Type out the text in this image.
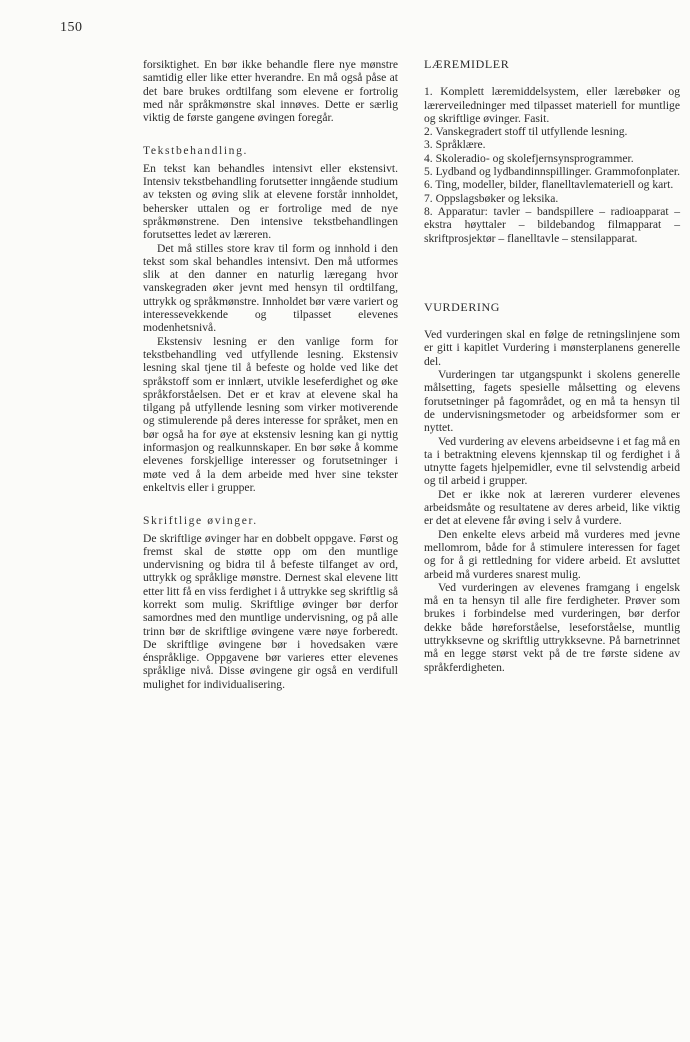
150

forsiktighet. En bør ikke behandle flere nye mønstre samtidig eller like etter hverandre. En må også påse at det bare brukes ordtilfang som elevene er fortrolig med når språkmønstre skal innøves. Dette er særlig viktig de første gangene øvingen foregår.

Tekstbehandling.

En tekst kan behandles intensivt eller ekstensivt. Intensiv tekstbehandling forutsetter inngående studium av teksten og øving slik at elevene forstår innholdet, behersker uttalen og er fortrolige med de nye språkmønstrene. Den intensive tekstbehandlingen forutsettes ledet av læreren.

Det må stilles store krav til form og innhold i den tekst som skal behandles intensivt. Den må utformes slik at den danner en naturlig læregang hvor vanskegraden øker jevnt med hensyn til ordtilfang, uttrykk og språkmønstre. Innholdet bør være variert og interessevekkende og tilpasset elevenes modenhetsnivå.

Ekstensiv lesning er den vanlige form for tekstbehandling ved utfyllende lesning. Ekstensiv lesning skal tjene til å befeste og holde ved like det språkstoff som er innlært, utvikle leseferdighet og øke språkforståelsen. Det er et krav at elevene skal ha tilgang på utfyllende lesning som virker motiverende og stimulerende på deres interesse for språket, men en bør også ha for øye at ekstensiv lesning kan gi nyttig informasjon og realkunnskaper. En bør søke å komme elevenes forskjellige interesser og forutsetninger i møte ved å la dem arbeide med hver sine tekster enkeltvis eller i grupper.

Skriftlige øvinger.

De skriftlige øvinger har en dobbelt oppgave. Først og fremst skal de støtte opp om den muntlige undervisning og bidra til å befeste tilfanget av ord, uttrykk og språklige mønstre. Dernest skal elevene litt etter litt få en viss ferdighet i å uttrykke seg skriftlig så korrekt som mulig. Skriftlige øvinger bør derfor samordnes med den muntlige undervisning, og på alle trinn bør de skriftlige øvingene være nøye forberedt. De skriftlige øvingene bør i hovedsaken være énspråklige. Oppgavene bør varieres etter elevenes språklige nivå. Disse øvingene gir også en verdifull mulighet for individualisering.

LÆREMIDLER

1. Komplett læremiddelsystem, eller lærebøker og lærerveiledninger med tilpasset materiell for muntlige og skriftlige øvinger. Fasit.

2. Vanskegradert stoff til utfyllende lesning.

3. Språklære.

4. Skoleradio- og skolefjernsynsprogrammer.

5. Lydband og lydbandinnspillinger. Grammofonplater.

6. Ting, modeller, bilder, flanelltavlemateriell og kart.

7. Oppslagsbøker og leksika.

8. Apparatur: tavler – bandspillere – radioapparat – ekstra høyttaler – bildebandog filmapparat – skriftprosjektør – flanelltavle – stensilapparat.

VURDERING

Ved vurderingen skal en følge de retningslinjene som er gitt i kapitlet Vurdering i mønsterplanens generelle del.

Vurderingen tar utgangspunkt i skolens generelle målsetting, fagets spesielle målsetting og elevens forutsetninger på fagområdet, og en må ta hensyn til de undervisningsmetoder og arbeidsformer som er nyttet.

Ved vurdering av elevens arbeidsevne i et fag må en ta i betraktning elevens kjennskap til og ferdighet i å utnytte fagets hjelpemidler, evne til selvstendig arbeid og til arbeid i grupper.

Det er ikke nok at læreren vurderer elevenes arbeidsmåte og resultatene av deres arbeid, like viktig er det at elevene får øving i selv å vurdere.

Den enkelte elevs arbeid må vurderes med jevne mellomrom, både for å stimulere interessen for faget og for å gi rettledning for videre arbeid. Et avsluttet arbeid må vurderes snarest mulig.

Ved vurderingen av elevenes framgang i engelsk må en ta hensyn til alle fire ferdigheter. Prøver som brukes i forbindelse med vurderingen, bør derfor dekke både hørеforståelse, leseforståelse, muntlig uttrykksevne og skriftlig uttrykksevne. På barnetrinnet må en legge størst vekt på de tre første sidene av språkferdigheten.
